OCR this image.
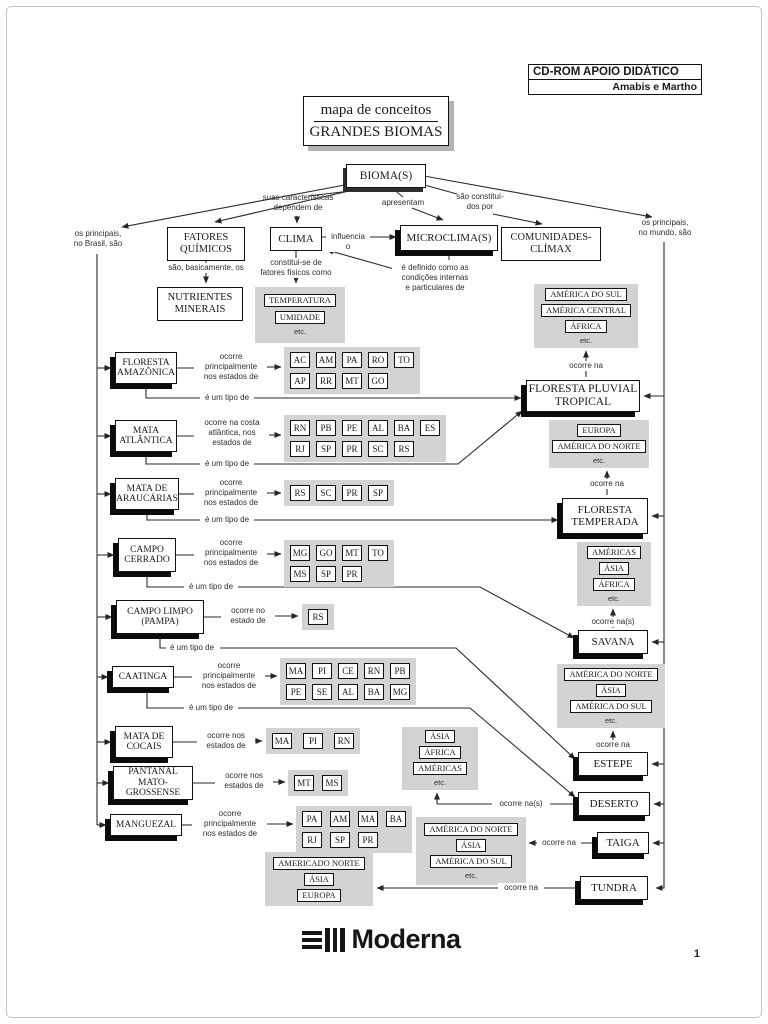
CD-ROM APOIO DIDÁTICO
Amabis e Martho
mapa de conceitos
GRANDES BIOMAS
BIOMA(S)
suas características
dependem de
apresentam
são constituí-
dos por
os principais,
no Brasil, são
os principais,
no mundo, são
influencia o
são, basicamente, os
constitui-se de
fatores físicos como
é definido como as
condições internas
e particulares de
FATORES QUÍMICOS
CLIMA	MICROCLIMA(S)	COMUNIDADES-CLÍMAX
NUTRIENTES MINERAIS
TEMPERATURA
UMIDADE
etc.
FLORESTA AMAZÔNICA
ocorre
principalmente
nos estados de
AC	AM	PA	RO	TO
AP	RR	MT	GO
é um tipo de
MATA ATLÂNTICA
ocorre na costa
atlântica, nos
estados de
RN	PB	PE	AL	BA	ES
RJ	SP	PR	SC	RS
é um tipo de
MATA DE ARAUCÁRIAS
ocorre
principalmente
nos estados de
RS	SC	PR	SP
é um tipo de
CAMPO CERRADO
ocorre
principalmente
nos estados de
MG	GO	MT	TO
MS	SP	PR
é um tipo de
CAMPO LIMPO (PAMPA)
ocorre no
estado de	RS
é um tipo de
CAATINGA
ocorre
principalmente
nos estados de
MA	PI	CE	RN	PB
PE	SE	AL	BA	MG
é um tipo de
MATA DE COCAIS
ocorre nos
estados de
MA	PI	RN
PANTANAL MATO-GROSSENSE
ocorre nos
estados de	MT	MS
MANGUEZAL
ocorre
principalmente
nos estados de
PA	AM	MA	BA
RJ	SP	PR
AMÉRICA DO SUL
AMÉRICA CENTRAL
ÁFRICA
etc.
ocorre na
FLORESTA PLUVIAL TROPICAL
EUROPA
AMÉRICA DO NORTE
etc.
ocorre na
FLORESTA TEMPERADA
AMÉRICAS
ÁSIA
ÁFRICA
etc.
ocorre na(s)
SAVANA
AMÉRICA DO NORTE
ÁSIA
AMÉRICA DO SUL
etc.
ocorre na
ESTEPE
ÁSIA
ÁFRICA
AMÉRICAS
etc.
ocorre na(s)	DESERTO
AMÉRICA DO NORTE
ÁSIA
AMÉRICA DO SUL
etc.
ocorre na	TAIGA
AMERICADO NORTE
ÁSIA
EUROPA
ocorre na	TUNDRA
Moderna	1
